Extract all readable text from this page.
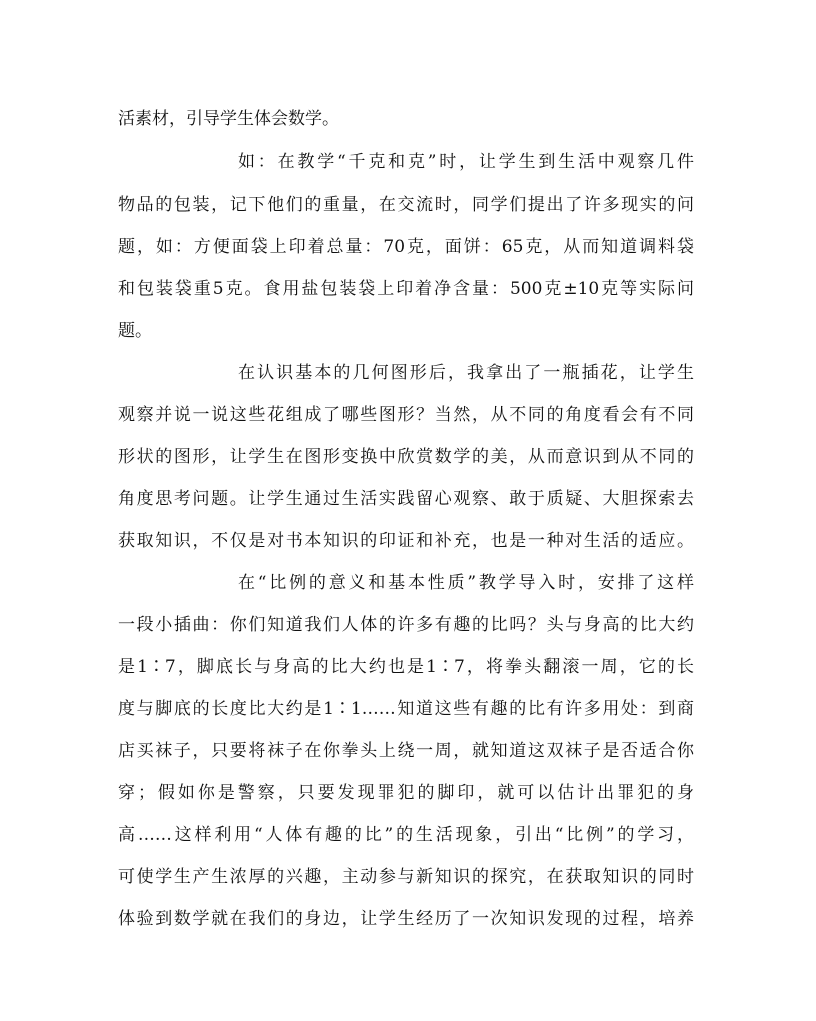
活素材，引导学生体会数学。
如：在教学“千克和克”时，让学生到生活中观察几件
物品的包装，记下他们的重量，在交流时，同学们提出了许多现实的问
题，如：方便面袋上印着总量：70克，面饼：65克，从而知道调料袋
和包装袋重5克。食用盐包装袋上印着净含量：500克±10克等实际问
题。
在认识基本的几何图形后，我拿出了一瓶插花，让学生
观察并说一说这些花组成了哪些图形？当然，从不同的角度看会有不同
形状的图形，让学生在图形变换中欣赏数学的美，从而意识到从不同的
角度思考问题。让学生通过生活实践留心观察、敢于质疑、大胆探索去
获取知识，不仅是对书本知识的印证和补充，也是一种对生活的适应。
在“比例的意义和基本性质”教学导入时，安排了这样
一段小插曲：你们知道我们人体的许多有趣的比吗？头与身高的比大约
是1∶7，脚底长与身高的比大约也是1∶7，将拳头翻滚一周，它的长
度与脚底的长度比大约是1∶1……知道这些有趣的比有许多用处：到商
店买袜子，只要将袜子在你拳头上绕一周，就知道这双袜子是否适合你
穿；假如你是警察，只要发现罪犯的脚印，就可以估计出罪犯的身
高……这样利用“人体有趣的比”的生活现象，引出“比例”的学习，
可使学生产生浓厚的兴趣，主动参与新知识的探究，在获取知识的同时
体验到数学就在我们的身边，让学生经历了一次知识发现的过程，培养
